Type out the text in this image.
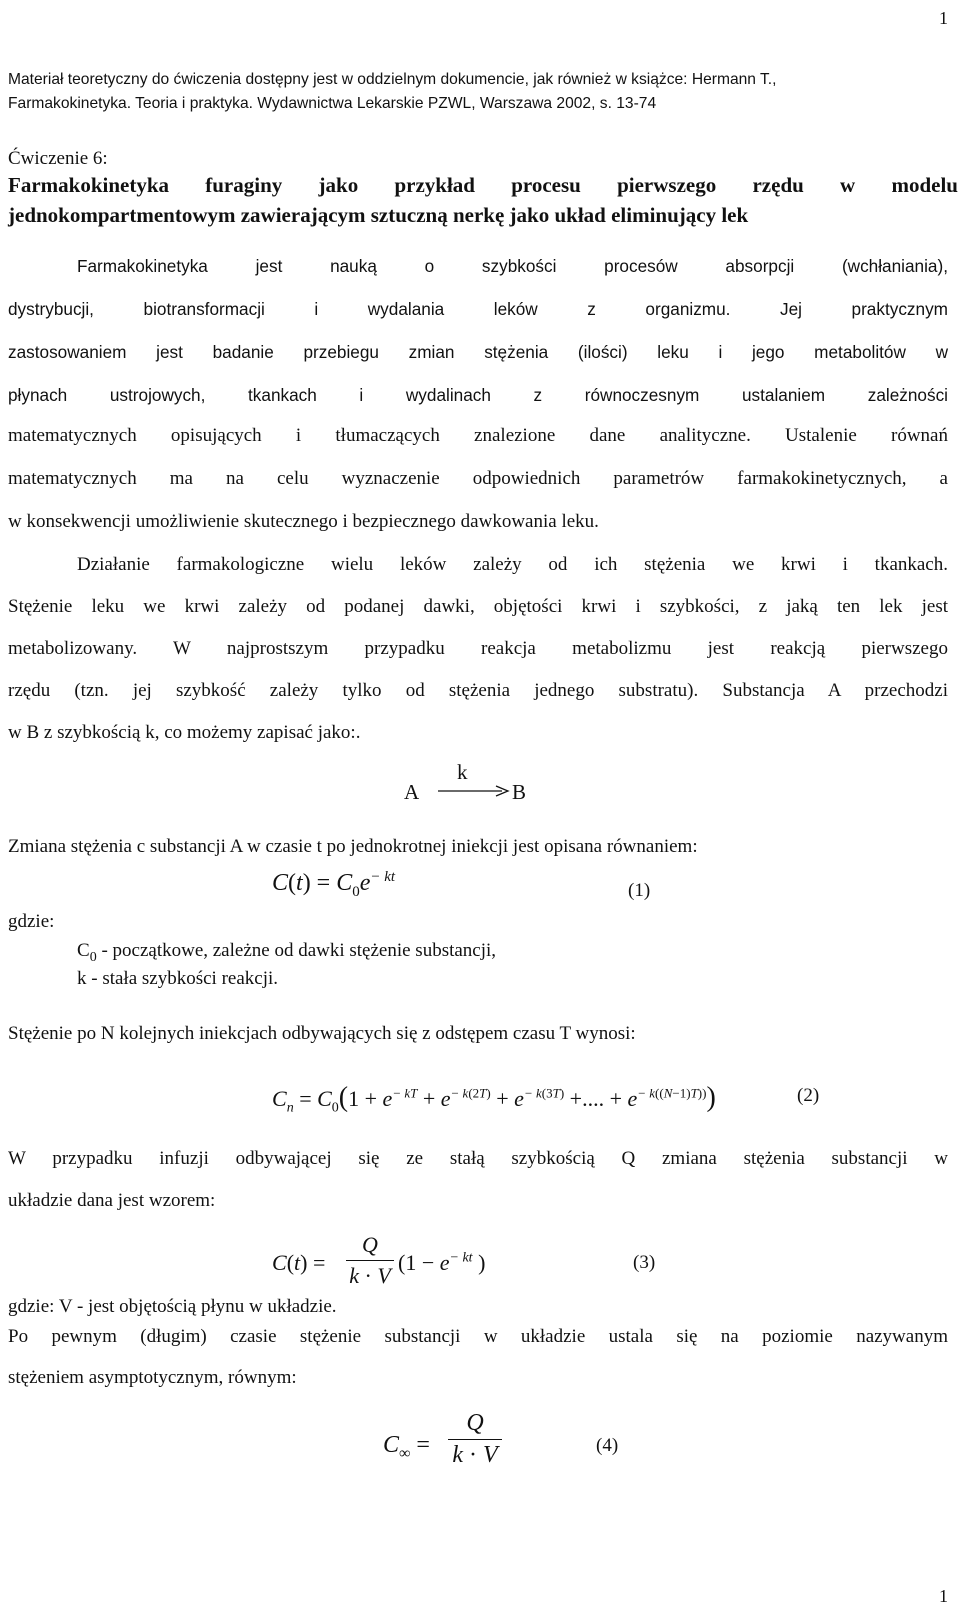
1
1
Materiał teoretyczny do ćwiczenia dostępny jest w oddzielnym dokumencie, jak również w książce: Hermann T.,
Farmakokinetyka. Teoria i praktyka. Wydawnictwa Lekarskie PZWL, Warszawa 2002, s. 13-74
Ćwiczenie 6:
Farmakokinetyka furaginy jako przykład procesu pierwszego rzędu w modelu
jednokompartmentowym zawierającym sztuczną nerkę jako układ eliminujący lek
Farmakokinetyka jest nauką o szybkości procesów absorpcji (wchłaniania),
dystrybucji, biotransformacji i wydalania leków z organizmu. Jej praktycznym
zastosowaniem jest badanie przebiegu zmian stężenia (ilości) leku i jego metabolitów w
płynach ustrojowych, tkankach i wydalinach z równoczesnym ustalaniem zależności
matematycznych opisujących i tłumaczących znalezione dane analityczne. Ustalenie równań
matematycznych ma na celu wyznaczenie odpowiednich parametrów farmakokinetycznych, a
w konsekwencji umożliwienie skutecznego i bezpiecznego dawkowania leku.
Działanie farmakologiczne wielu leków zależy od ich stężenia we krwi i tkankach.
Stężenie leku we krwi zależy od podanej dawki, objętości krwi i szybkości, z jaką ten lek jest
metabolizowany. W najprostszym przypadku reakcja metabolizmu jest reakcją pierwszego
rzędu (tzn. jej szybkość zależy tylko od stężenia jednego substratu). Substancja A przechodzi
w B z szybkością k, co możemy zapisać jako:.
A
k
B
Zmiana stężenia c substancji A w czasie t po jednokrotnej iniekcji jest opisana równaniem:
$C(t) = C_0e^{- kt}$
(1)
gdzie:
$C_0$ - początkowe, zależne od dawki stężenie substancji,
k - stała szybkości reakcji.
Stężenie po N kolejnych iniekcjach odbywających się z odstępem czasu T wynosi:
$C_n = C_0(1 + e^{- kT} + e^{- k(2T)} + e^{- k(3T)}$ +.... + $e^{- k((N-1)T))}$)	(2)
W przypadku infuzji odbywającej się ze stałą szybkością Q zmiana stężenia substancji w
układzie dana jest wzorem:
$C(t) = \frac{Q}{k \cdot V} (1 - e^{- kt}$ )	(3)
gdzie: V - jest objętością płynu w układzie.
Po pewnym (długim) czasie stężenie substancji w układzie ustala się na poziomie nazywanym
stężeniem asymptotycznym, równym:
$C_\infty = \frac{Q}{k \cdot V}$	(4)
